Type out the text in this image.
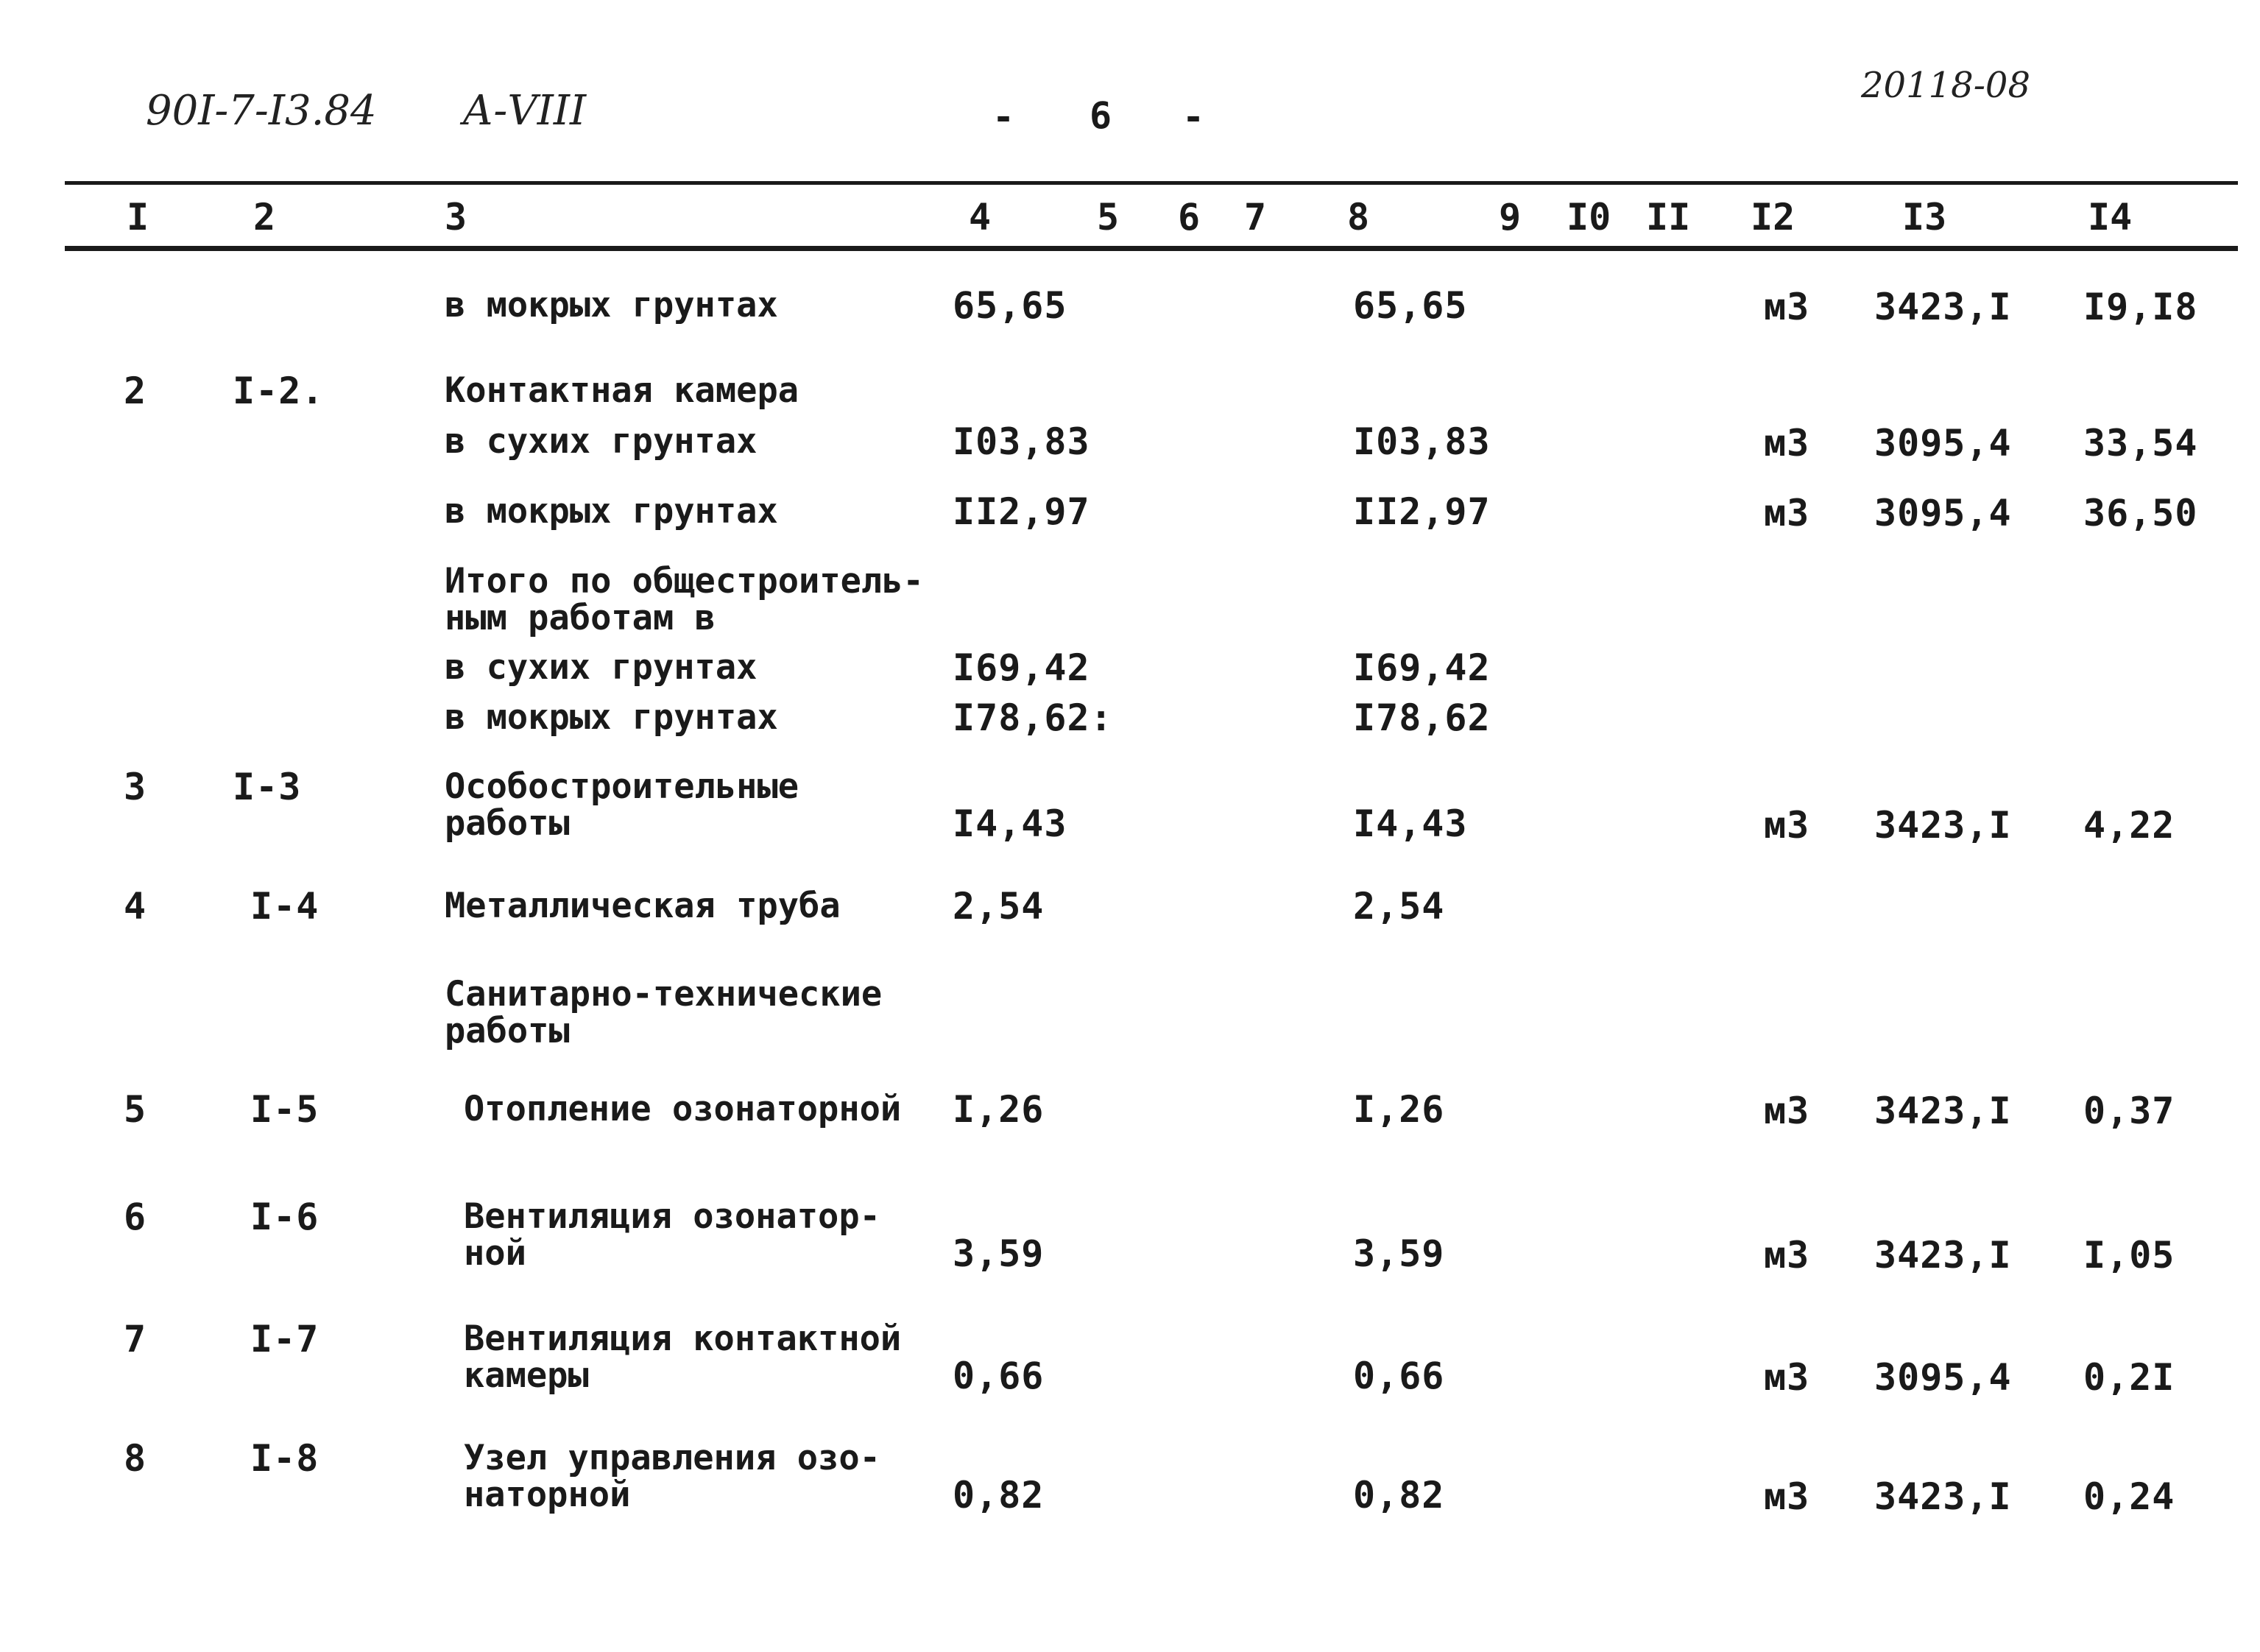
90I-7-I3.84 А-VIII	- 6 -
20118-08
I	2	3	4	5 6 7 8	9 I0 II I2	I3	I4
в мокрых грунтах	65,65	65,65	м3 3423,I I9,I8
2 I-2.	Контактная камера
в сухих грунтах	I03,83	I03,83	м3 3095,4 33,54
в мокрых грунтах	II2,97	II2,97	м3 3095,4 36,50
Итого по общестроитель-
ным работам в
в сухих грунтах	I69,42	I69,42
в мокрых грунтах	I78,62:	I78,62
3 I-3	Особостроительные
работы	I4,43	I4,43	м3 3423,I 4,22
4	I-4	Металлическая труба	2,54	2,54
Санитарно-технические
работы
5	I-5	Отопление озонаторной I,26	I,26	м3 3423,I 0,37
6	I-6	Вентиляция озонатор-
ной	3,59	3,59	м3 3423,I I,05
7	I-7	Вентиляция контактной
камеры	0,66	0,66	м3 3095,4 0,2I
8	I-8	Узел управления озо-
наторной	0,82	0,82	м3 3423,I 0,24
